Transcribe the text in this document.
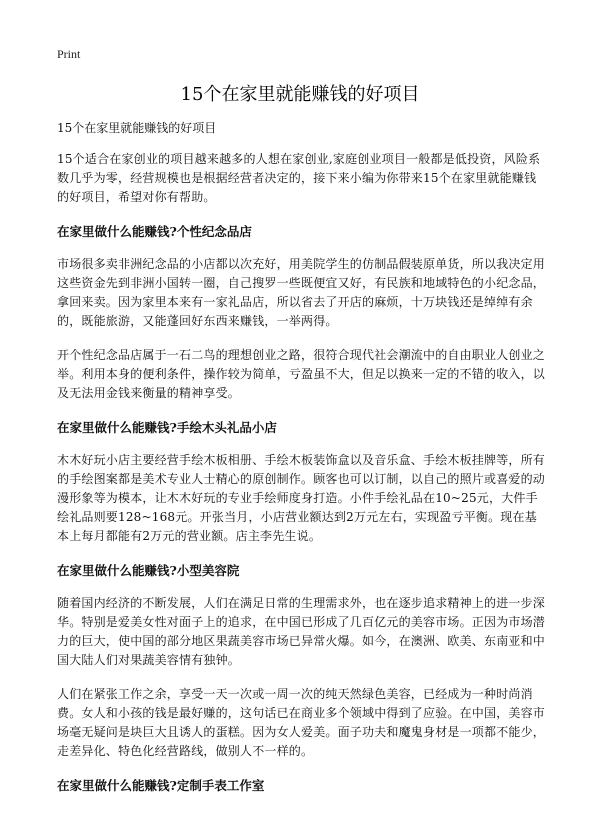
Print
15个在家里就能赚钱的好项目

15个在家里就能赚钱的好项目

15个适合在家创业的项目越来越多的人想在家创业,家庭创业项目一般都是低投资，风险系数几乎为零，经营规模也是根据经营者决定的，接下来小编为你带来15个在家里就能赚钱的好项目，希望对你有帮助。

在家里做什么能赚钱?个性纪念品店

市场很多卖非洲纪念品的小店都以次充好，用美院学生的仿制品假装原单货，所以我决定用这些资金先到非洲小国转一圈，自己搜罗一些既便宜又好，有民族和地域特色的小纪念品，拿回来卖。因为家里本来有一家礼品店，所以省去了开店的麻烦，十万块钱还是绰绰有余的，既能旅游，又能蓬回好东西来赚钱，一举两得。

开个性纪念品店属于一石二鸟的理想创业之路，很符合现代社会潮流中的自由职业人创业之举。利用本身的便利条件，操作较为简单，亏盈虽不大，但足以换来一定的不错的收入，以及无法用金钱来衡量的精神享受。

在家里做什么能赚钱?手绘木头礼品小店

木木好玩小店主要经营手绘木板相册、手绘木板装饰盒以及音乐盒、手绘木板挂牌等，所有的手绘图案都是美术专业人士精心的原创制作。顾客也可以订制，以自己的照片或喜爱的动漫形象等为模本，让木木好玩的专业手绘师度身打造。小件手绘礼品在10~25元，大件手绘礼品则要128~168元。开张当月，小店营业额达到2万元左右，实现盈亏平衡。现在基本上每月都能有2万元的营业额。店主李先生说。

在家里做什么能赚钱?小型美容院

随着国内经济的不断发展，人们在满足日常的生理需求外，也在逐步追求精神上的进一步深华。特别是爱美女性对面子上的追求，在中国已形成了几百亿元的美容市场。正因为市场潜力的巨大，使中国的部分地区果蔬美容市场已异常火爆。如今，在澳洲、欧美、东南亚和中国大陆人们对果蔬美容情有独钟。

人们在紧张工作之余，享受一天一次或一周一次的纯天然绿色美容，已经成为一种时尚消费。女人和小孩的钱是最好赚的，这句话已在商业多个领域中得到了应验。在中国，美容市场毫无疑问是块巨大且诱人的蛋糕。因为女人爱美。面子功夫和魔鬼身材是一项都不能少，走差异化、特色化经营路线，做别人不一样的。

在家里做什么能赚钱?定制手表工作室
